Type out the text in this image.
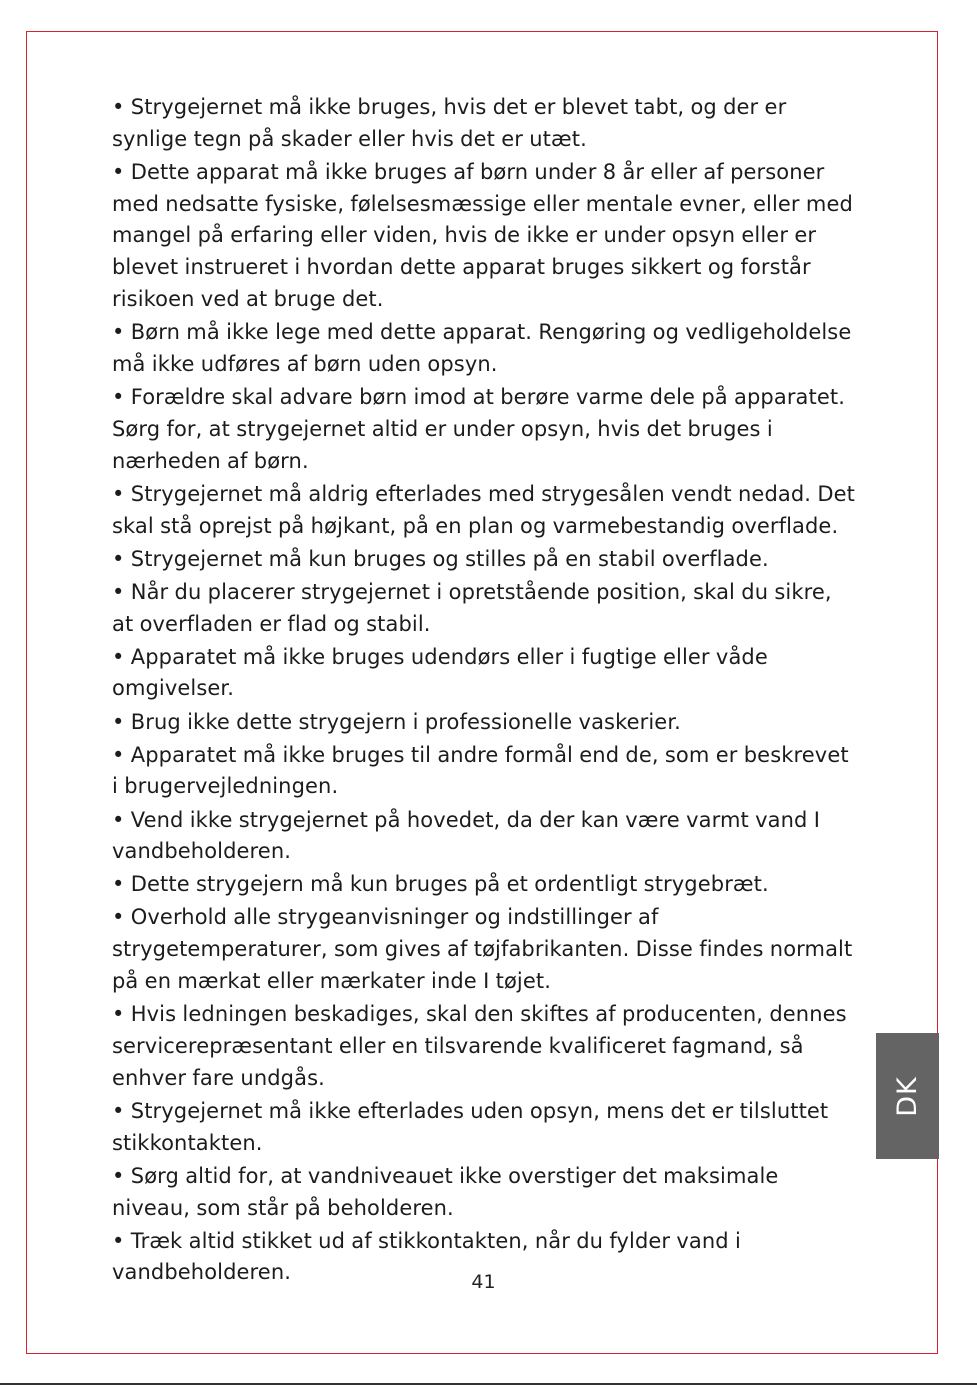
• Strygejernet må ikke bruges, hvis det er blevet tabt, og der er synlige tegn på skader eller hvis det er utæt.

• Dette apparat må ikke bruges af børn under 8 år eller af personer med nedsatte fysiske, følelsesmæssige eller mentale evner, eller med mangel på erfaring eller viden, hvis de ikke er under opsyn eller er blevet instrueret i hvordan dette apparat bruges sikkert og forstår risikoen ved at bruge det.

• Børn må ikke lege med dette apparat. Rengøring og vedligeholdelse må ikke udføres af børn uden opsyn.

• Forældre skal advare børn imod at berøre varme dele på apparatet. Sørg for, at strygejernet altid er under opsyn, hvis det bruges i nærheden af børn.

• Strygejernet må aldrig efterlades med strygesålen vendt nedad. Det skal stå oprejst på højkant, på en plan og varmebestandig overflade.

• Strygejernet må kun bruges og stilles på en stabil overflade.

• Når du placerer strygejernet i opretstående position, skal du sikre, at overfladen er flad og stabil.

• Apparatet må ikke bruges udendørs eller i fugtige eller våde omgivelser.

• Brug ikke dette strygejern i professionelle vaskerier.

• Apparatet må ikke bruges til andre formål end de, som er beskrevet i brugervejledningen.

• Vend ikke strygejernet på hovedet, da der kan være varmt vand I vandbeholderen.

• Dette strygejern må kun bruges på et ordentligt strygebræt.

• Overhold alle strygeanvisninger og indstillinger af strygetemperaturer, som gives af tøjfabrikanten. Disse findes normalt på en mærkat eller mærkater inde I tøjet.

• Hvis ledningen beskadiges, skal den skiftes af producenten, dennes servicerepræsentant eller en tilsvarende kvalificeret fagmand, så enhver fare undgås.

• Strygejernet må ikke efterlades uden opsyn, mens det er tilsluttet stikkontakten.

• Sørg altid for, at vandniveauet ikke overstiger det maksimale niveau, som står på beholderen.

• Træk altid stikket ud af stikkontakten, når du fylder vand i vandbeholderen.	41
DK
